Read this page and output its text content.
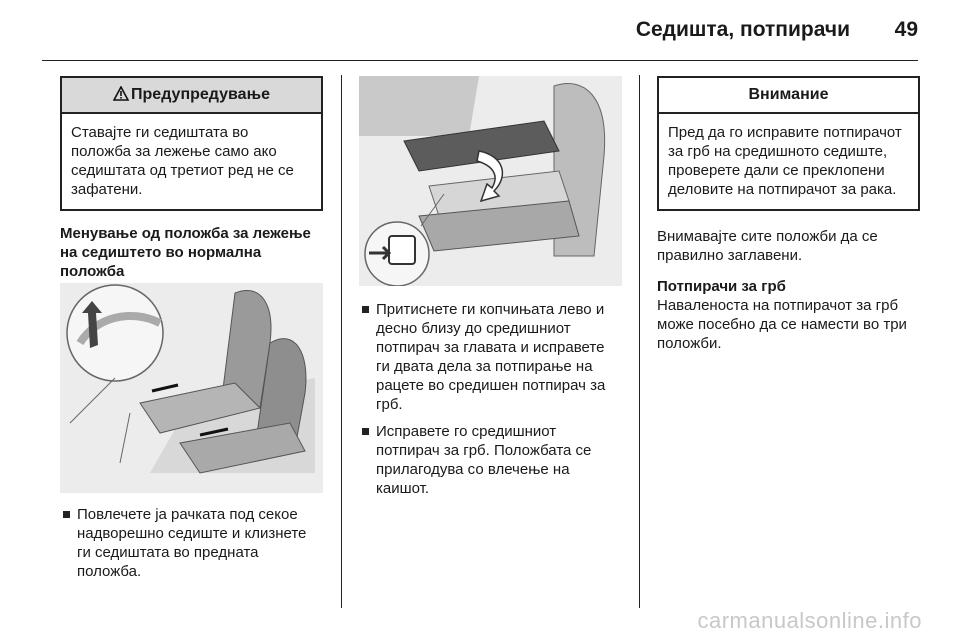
Седишта, потпирачи 49
Предупредување
Ставајте ги седиштата во положба за лежење само ако седиштата од третиот ред не се зафатени.

Менување од положба за лежење на седиштето во нормална положба

Повлечете ја рачката под секое надворешно седиште и клизнете ги седиштата во предната положба.
Притиснете ги копчињата лево и десно близу до средишниот потпирач за главата и исправете ги двата дела за потпирање на рацете во средишен потпирач за грб.
Исправете го средишниот потпирач за грб. Положбата се прилагодува со влечење на каишот.
Внимание
Пред да го исправите потпирачот за грб на средишното седиште, проверете дали се преклопени деловите на потпирачот за рака.

Внимавајте сите положби да се правилно заглавени.

Потпирачи за грб

Наваленоста на потпирачот за грб може посебно да се намести во три положби.

carmanualsonline.info
